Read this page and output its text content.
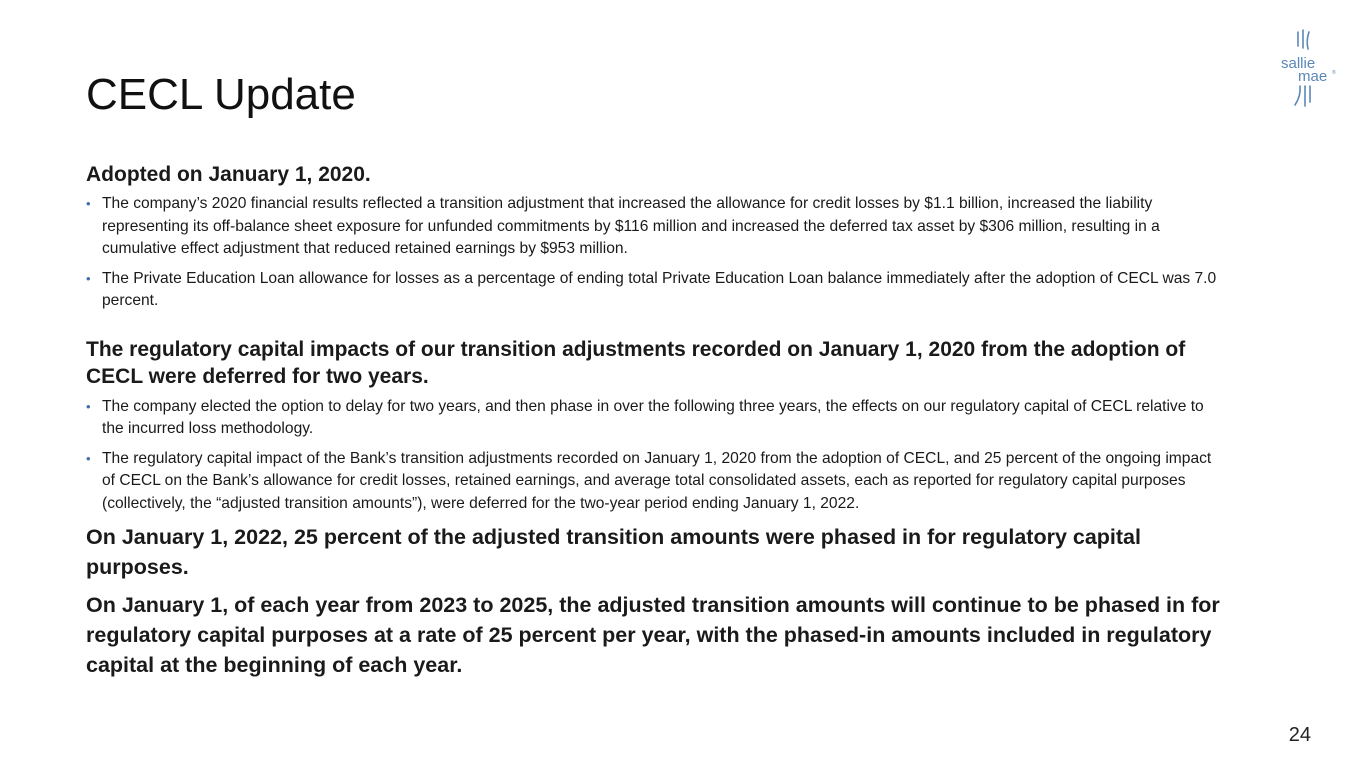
CECL Update
sallie
mae ®

Adopted on January 1, 2020.

• The company’s 2020 financial results reflected a transition adjustment that increased the allowance for credit losses by $1.1 billion, increased the liability representing its off-balance sheet exposure for unfunded commitments by $116 million and increased the deferred tax asset by $306 million, resulting in a cumulative effect adjustment that reduced retained earnings by $953 million.
• The Private Education Loan allowance for losses as a percentage of ending total Private Education Loan balance immediately after the adoption of CECL was 7.0 percent.

The regulatory capital impacts of our transition adjustments recorded on January 1, 2020 from the adoption of CECL were deferred for two years.

• The company elected the option to delay for two years, and then phase in over the following three years, the effects on our regulatory capital of CECL relative to the incurred loss methodology.
• The regulatory capital impact of the Bank’s transition adjustments recorded on January 1, 2020 from the adoption of CECL, and 25 percent of the ongoing impact of CECL on the Bank’s allowance for credit losses, retained earnings, and average total consolidated assets, each as reported for regulatory capital purposes (collectively, the “adjusted transition amounts”), were deferred for the two-year period ending January 1, 2022.

On January 1, 2022, 25 percent of the adjusted transition amounts were phased in for regulatory capital purposes.

On January 1, of each year from 2023 to 2025, the adjusted transition amounts will continue to be phased in for regulatory capital purposes at a rate of 25 percent per year, with the phased-in amounts included in regulatory capital at the beginning of each year.

24
